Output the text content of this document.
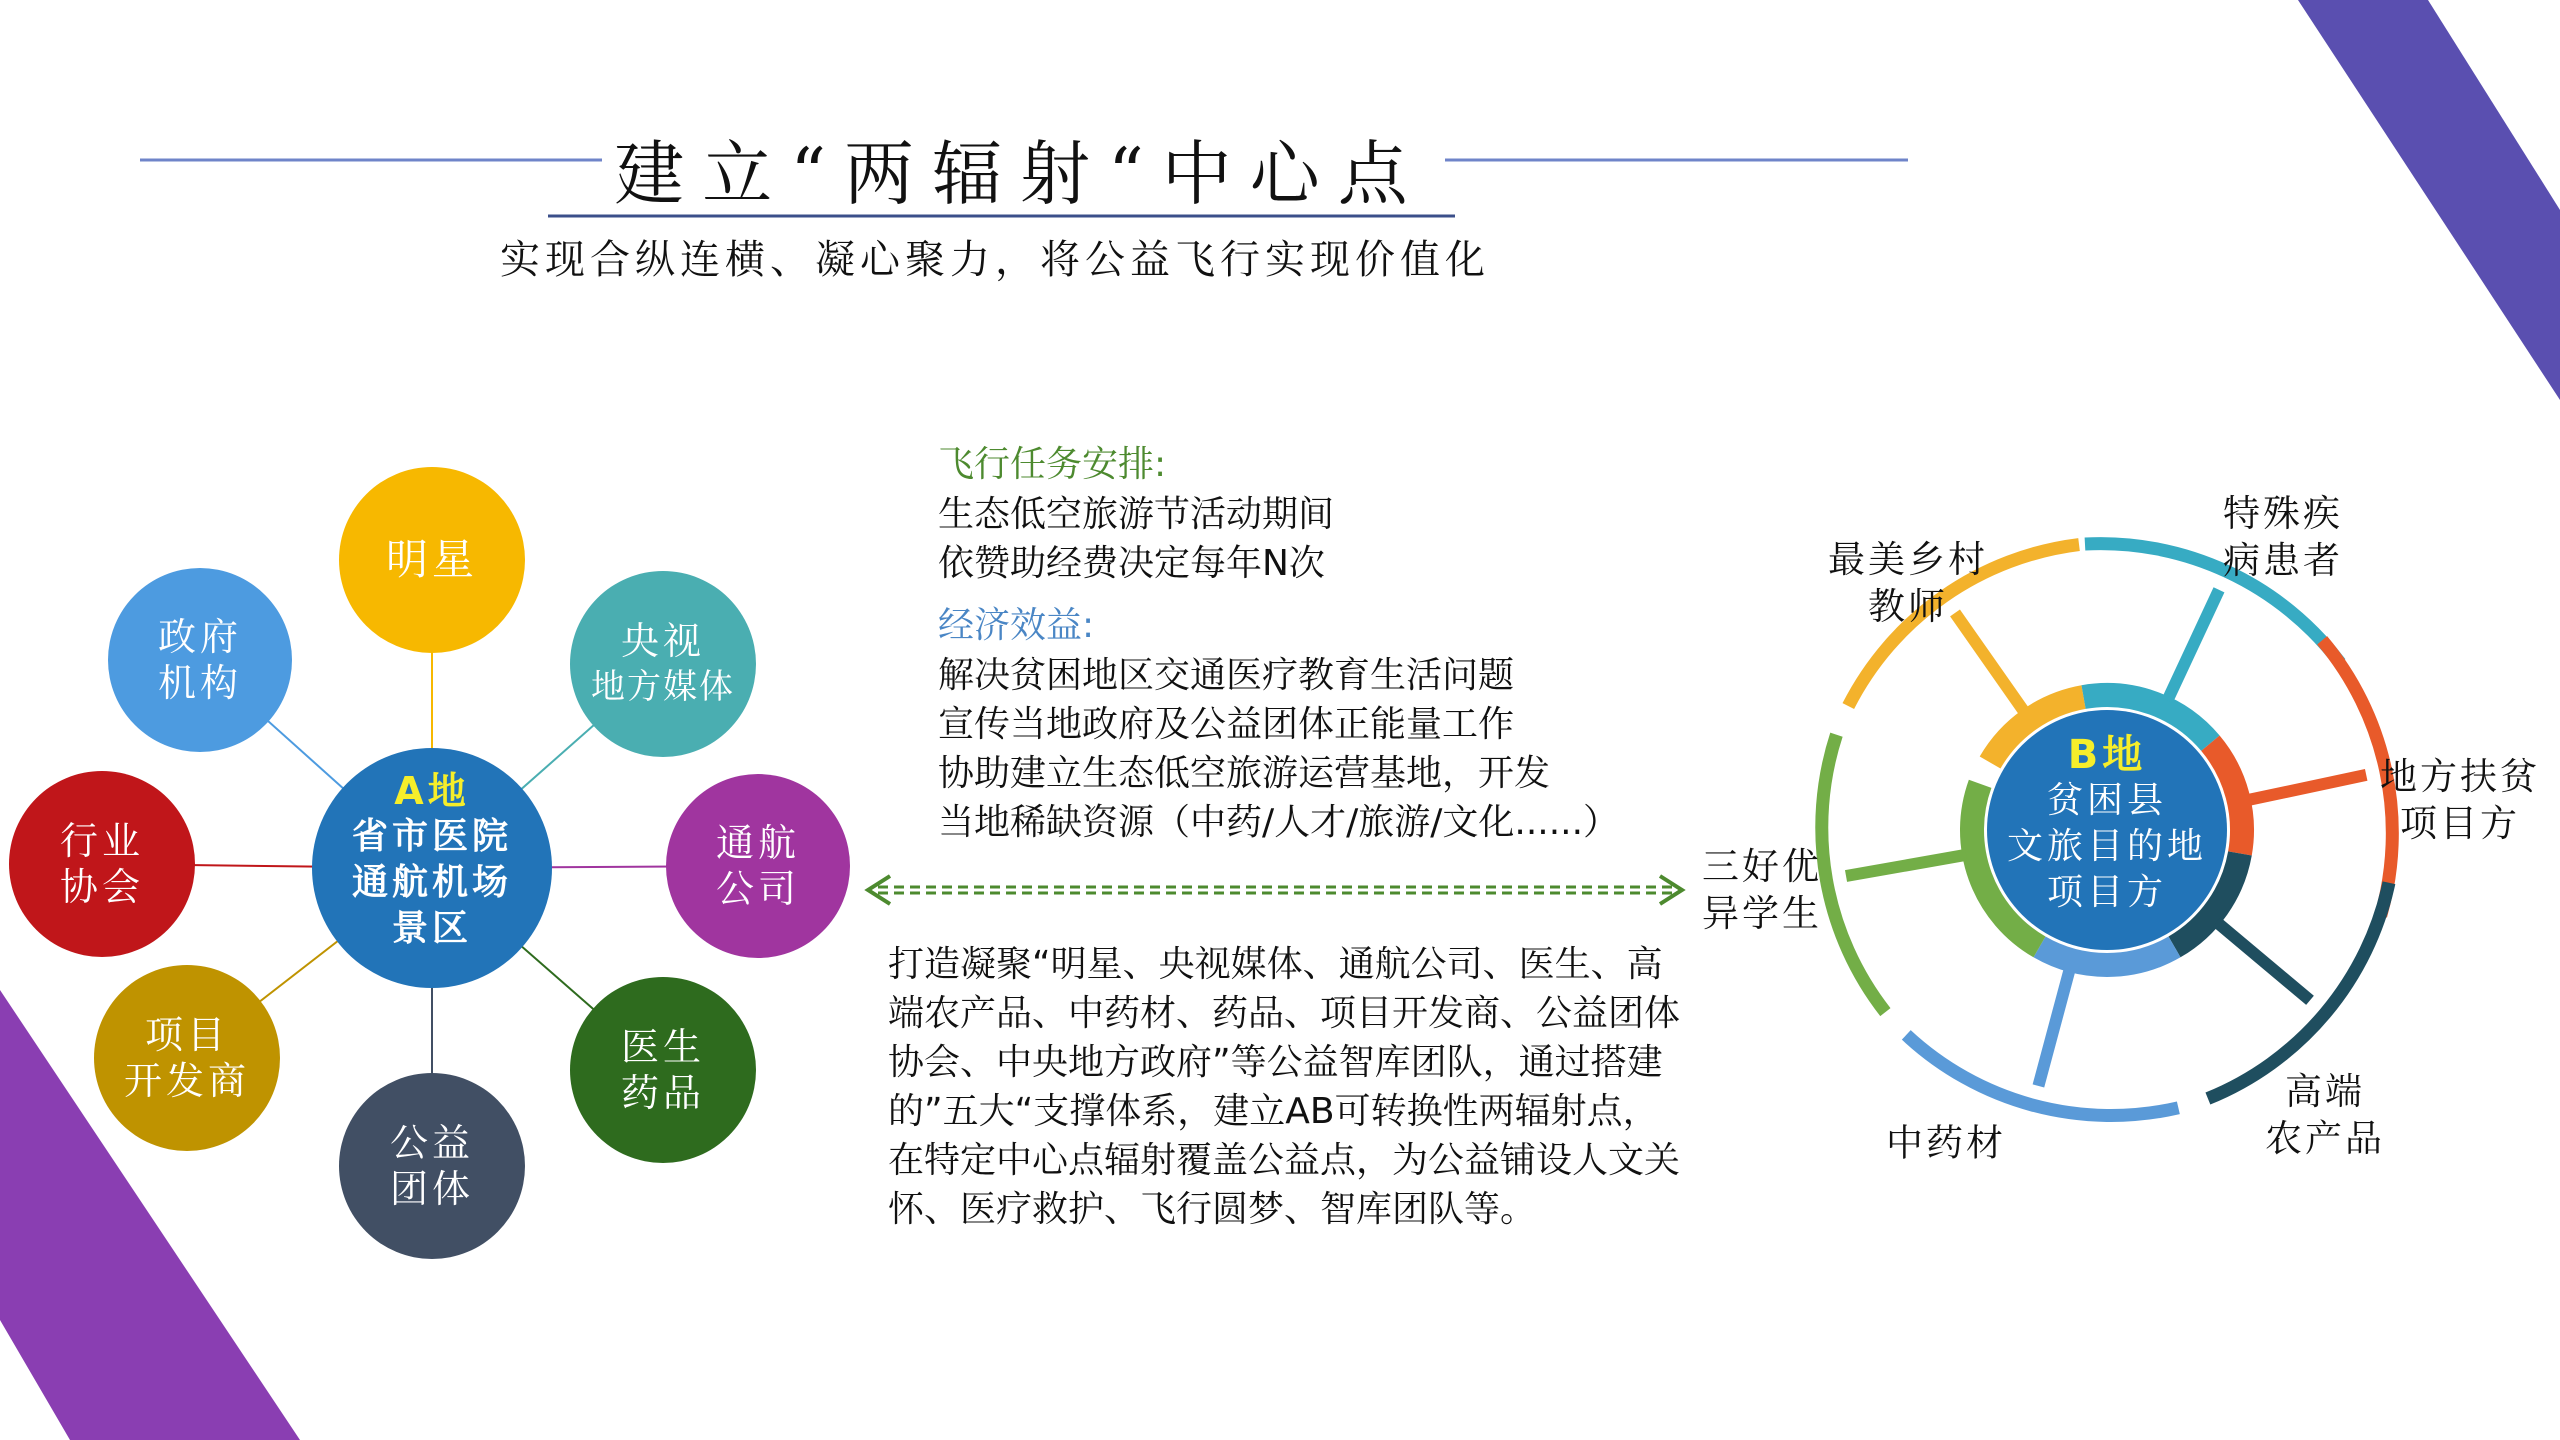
建立“两辐射“中心点
实现合纵连横、凝心聚力，将公益飞行实现价值化
明星
央视
地方媒体
通航
公司
医生
药品
公益
团体
项目
开发商
行业
协会
政府
机构
A地
省市医院
通航机场
景区
飞行任务安排:
生态低空旅游节活动期间
依赞助经费决定每年N次
经济效益:
解决贫困地区交通医疗教育生活问题
宣传当地政府及公益团体正能量工作
协助建立生态低空旅游运营基地，开发
当地稀缺资源（中药/人才/旅游/文化......）
打造凝聚“明星、央视媒体、通航公司、医生、高
端农产品、中药材、药品、项目开发商、公益团体
协会、中央地方政府”等公益智库团队，通过搭建
的”五大“支撑体系，建立AB可转换性两辐射点，
在特定中心点辐射覆盖公益点，为公益铺设人文关
怀、医疗救护、飞行圆梦、智库团队等。
B地
贫困县
文旅目的地
项目方
最美乡村
教师
特殊疾
病患者
地方扶贫
项目方
高端
农产品
中药材
三好优
异学生
